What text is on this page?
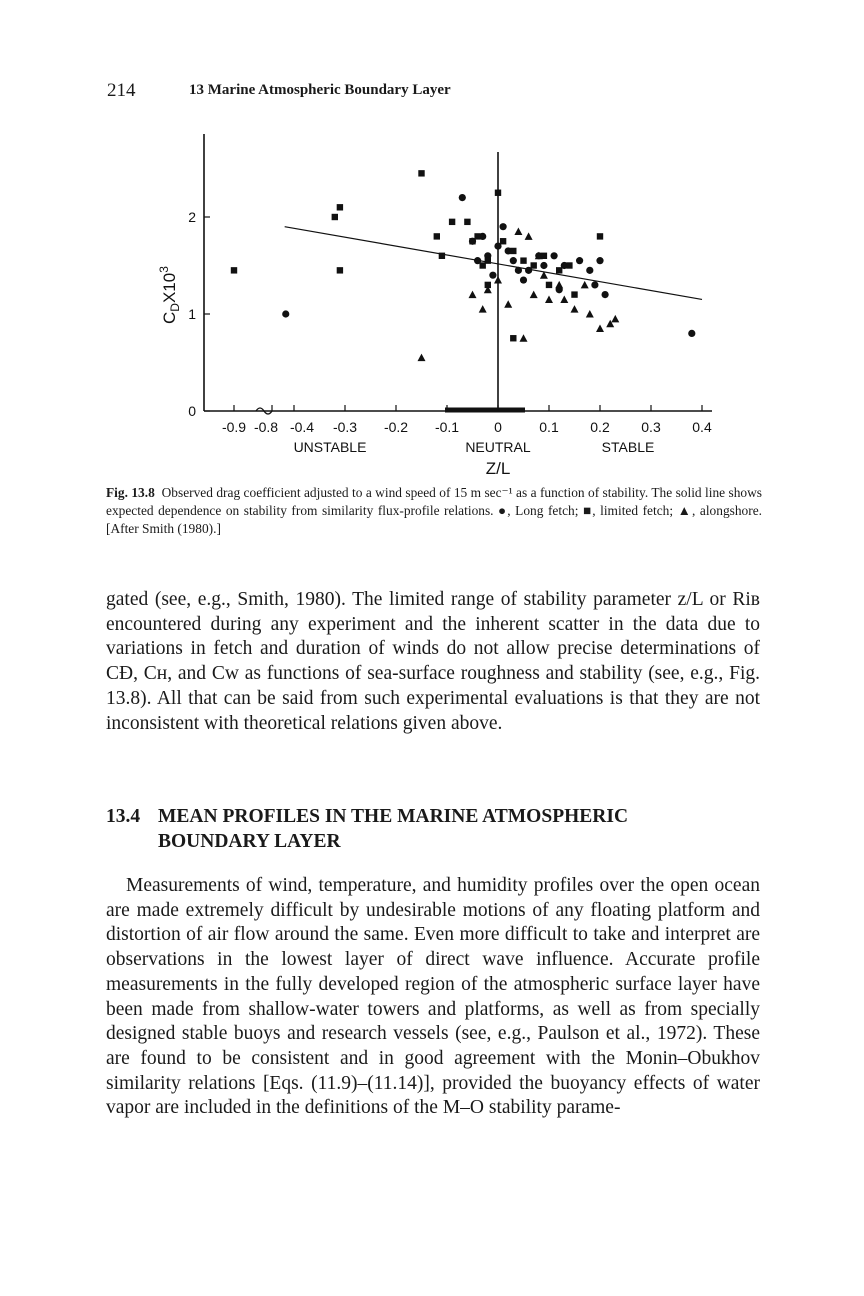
214	13 Marine Atmospheric Boundary Layer
0
1
2
-0.9 -0.8 -0.4 -0.3 -0.2 -0.1	0	0.1 0.2 0.3 0.4
$C_DX10^3$
UNSTABLE	NEUTRAL	STABLE
Z/L
Fig. 13.8 Observed drag coefficient adjusted to a wind speed of 15 m sec⁻¹ as a function of stability. The solid line shows expected dependence on stability from similarity flux-profile relations. ●, Long fetch; ■, limited fetch; ▲, alongshore. [After Smith (1980).]
gated (see, e.g., Smith, 1980). The limited range of stability parameter z/L or Riʙ encountered during any experiment and the inherent scatter in the data due to variations in fetch and duration of winds do not allow precise determinations of CĐ, Cʜ, and Cᴡ as functions of sea-surface roughness and stability (see, e.g., Fig. 13.8). All that can be said from such experimental evaluations is that they are not inconsistent with theoretical relations given above.
13.4 MEAN PROFILES IN THE MARINE ATMOSPHERIC
BOUNDARY LAYER
Measurements of wind, temperature, and humidity profiles over the open ocean are made extremely difficult by undesirable motions of any floating platform and distortion of air flow around the same. Even more difficult to take and interpret are observations in the lowest layer of direct wave influence. Accurate profile measurements in the fully developed region of the atmospheric surface layer have been made from shallow-water towers and platforms, as well as from specially designed stable buoys and research vessels (see, e.g., Paulson et al., 1972). These are found to be consistent and in good agreement with the Monin–Obukhov similarity relations [Eqs. (11.9)–(11.14)], provided the buoyancy effects of water vapor are included in the definitions of the M–O stability parame-
